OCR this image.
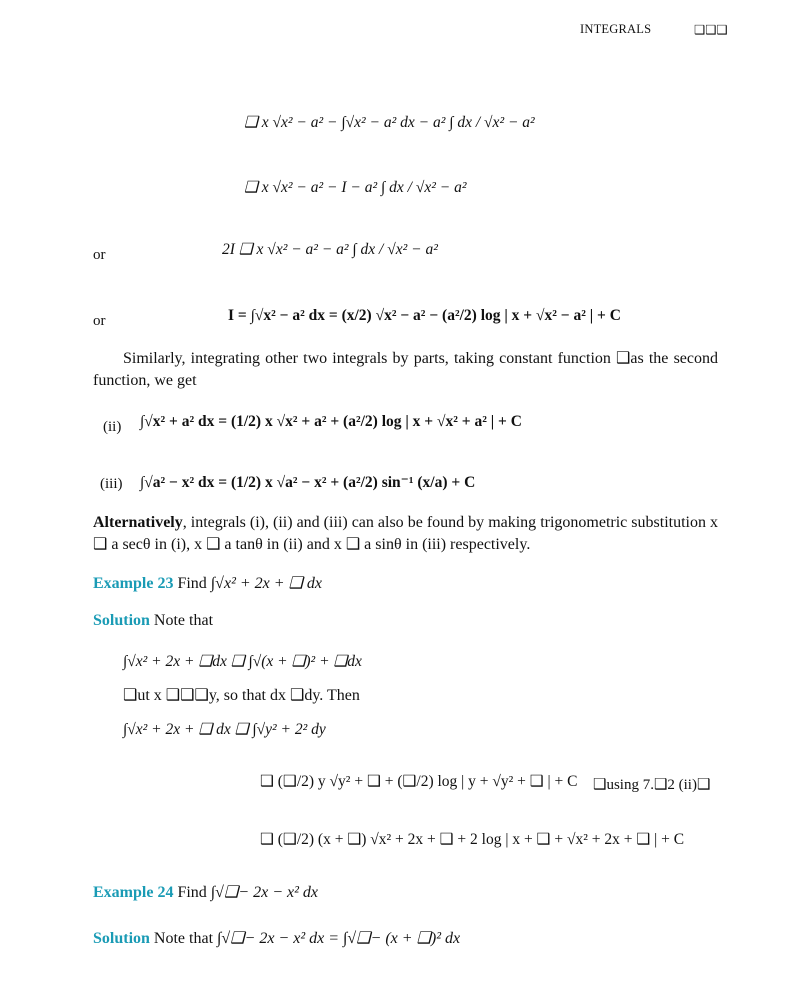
INTEGRALS	❑❑❑
❑ x √x² − a² − ∫√x² − a² dx − a² ∫ dx / √x² − a²
❑ x √x² − a² − I − a² ∫ dx / √x² − a²
or	2I ❑ x √x² − a² − a² ∫ dx / √x² − a²
or	I = ∫√x² − a² dx = (x/2) √x² − a² − (a²/2) log | x + √x² − a² | + C

Similarly, integrating other two integrals by parts, taking constant function ❑as the second function, we get

(ii) ∫√x² + a² dx = (1/2) x √x² + a² + (a²/2) log | x + √x² + a² | + C
(iii) ∫√a² − x² dx = (1/2) x √a² − x² + (a²/2) sin⁻¹ (x/a) + C

Alternatively, integrals (i), (ii) and (iii) can also be found by making trigonometric substitution x ❑ a secθ in (i), x ❑ a tanθ in (ii) and x ❑ a sinθ in (iii) respectively.

Example 23 Find ∫√x² + 2x + ❑ dx
Solution Note that
∫√x² + 2x + ❑dx ❑ ∫√(x + ❑)² + ❑dx
❑ut x ❑❑❑y, so that dx ❑dy. Then
∫√x² + 2x + ❑ dx ❑ ∫√y² + 2² dy
❑ (❑/2) y √y² + ❑ + (❑/2) log | y + √y² + ❑ | + C ❑using 7.❑2 (ii)❑
❑ (❑/2) (x + ❑) √x² + 2x + ❑ + 2 log | x + ❑ + √x² + 2x + ❑ | + C
Example 24 Find ∫√❑− 2x − x² dx
Solution Note that ∫√❑− 2x − x² dx = ∫√❑− (x + ❑)² dx
